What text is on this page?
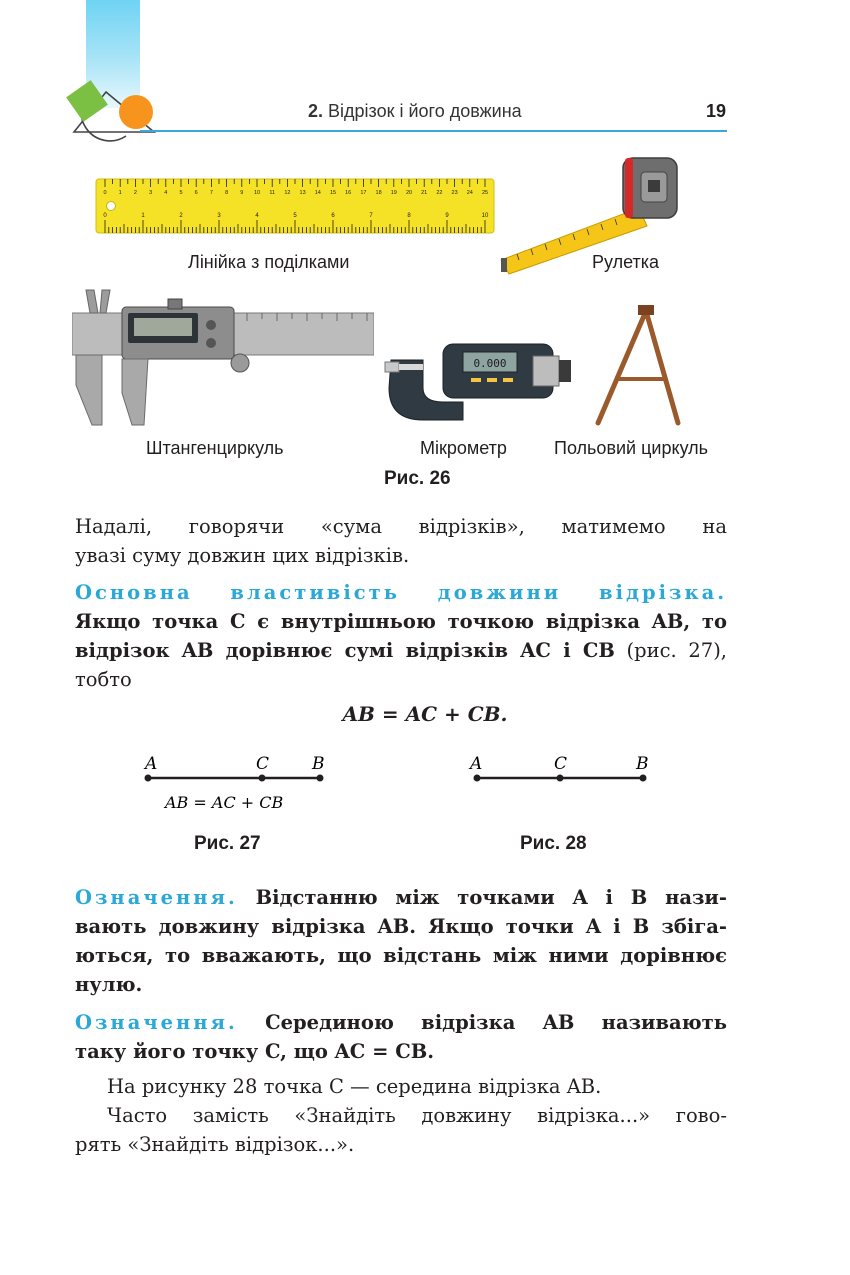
2. Відрізок і його довжина	19
0 1 2 3 4 5 6 7 8 9 10 11 12 13 14 15 16 17 18 19 20 21 22 23 24 25
0	1	2	3	4	5	6	7	8	9	10
Лінійка з поділками	Рулетка
Штангенциркуль
0.000
Мікрометр	Польовий циркуль
Рис. 26
Надалі, говорячи «сума відрізків», матимемо на
увазі суму довжин цих відрізків.
Основна властивість довжини відрізка.
Якщо точка C є внутрішньою точкою відрізка AB, то
відрізок AB дорівнює сумі відрізків AC і CB (рис. 27),
тобто
AB = AC + CB.
A	C	B
AB = AC + CB
Рис. 27
A	C	B
Рис. 28
Означення. Відстанню між точками A і B нази-
вають довжину відрізка AB. Якщо точки A і B збіга-
ються, то вважають, що відстань між ними дорівнює
нулю.
Означення. Серединою відрізка AB називають
таку його точку C, що AC = CB.
На рисунку 28 точка C — середина відрізка AB.
Часто замість «Знайдіть довжину відрізка...» гово-
рять «Знайдіть відрізок...».
